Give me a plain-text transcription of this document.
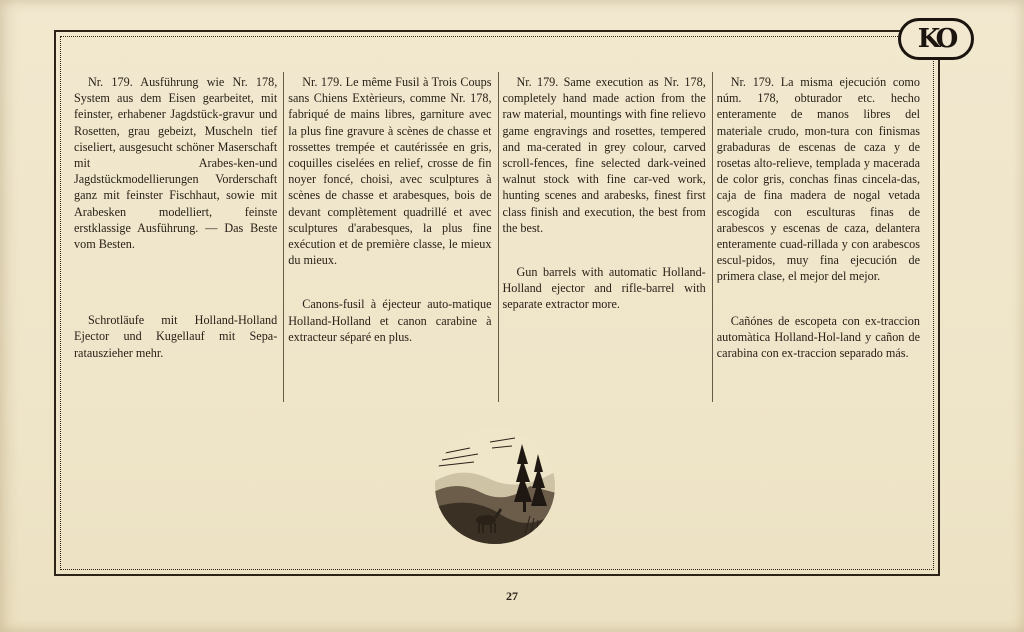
KO

Nr. 179. Ausführung wie Nr. 178, System aus dem Eisen gearbeitet, mit feinster, erhabener Jagdstück-gravur und Rosetten, grau gebeizt, Muscheln tief ciseliert, ausgesucht schöner Maserschaft mit Arabes-ken-und Jagdstückmodellierungen Vorderschaft ganz mit feinster Fischhaut, sowie mit Arabesken modelliert, feinste erstklassige Ausführung. — Das Beste vom Besten.

Schrotläufe mit Holland-Holland Ejector und Kugellauf mit Sepa-ratauszieher mehr.

Nr. 179. Le même Fusil à Trois Coups sans Chiens Extèrieurs, comme Nr. 178, fabriqué de mains libres, garniture avec la plus fine gravure à scènes de chasse et rossettes trempée et cautérissée en gris, coquilles ciselées en relief, crosse de fin noyer foncé, choisi, avec sculptures à scènes de chasse et arabesques, bois de devant complètement quadrillé et avec sculptures d'arabesques, la plus fine exécution et de première classe, le mieux du mieux.

Canons-fusil à éjecteur auto-matique Holland-Holland et canon carabine à extracteur séparé en plus.

Nr. 179. Same execution as Nr. 178, completely hand made action from the raw material, mountings with fine relievo game engravings and rosettes, tempered and ma-cerated in grey colour, carved scroll-fences, fine selected dark-veined walnut stock with fine car-ved work, hunting scenes and arabesks, finest first class finish and execution, the best from the best.

Gun barrels with automatic Holland-Holland ejector and rifle-barrel with separate extractor more.

Nr. 179. La misma ejecución como núm. 178, obturador etc. hecho enteramente de manos libres del materiale crudo, mon-tura con finismas grabaduras de escenas de caza y de rosetas alto-relieve, templada y macerada de color gris, conchas finas cincela-das, caja de fina madera de nogal vetada escogida con esculturas finas de arabescos y escenas de caza, delantera enteramente cuad-rillada y con arabescos escul-pidos, muy fina ejecución de primera clase, el mejor del mejor.

Cañónes de escopeta con ex-traccion automàtica Holland-Hol-land y cañon de carabina con ex-traccion separado más.

27
